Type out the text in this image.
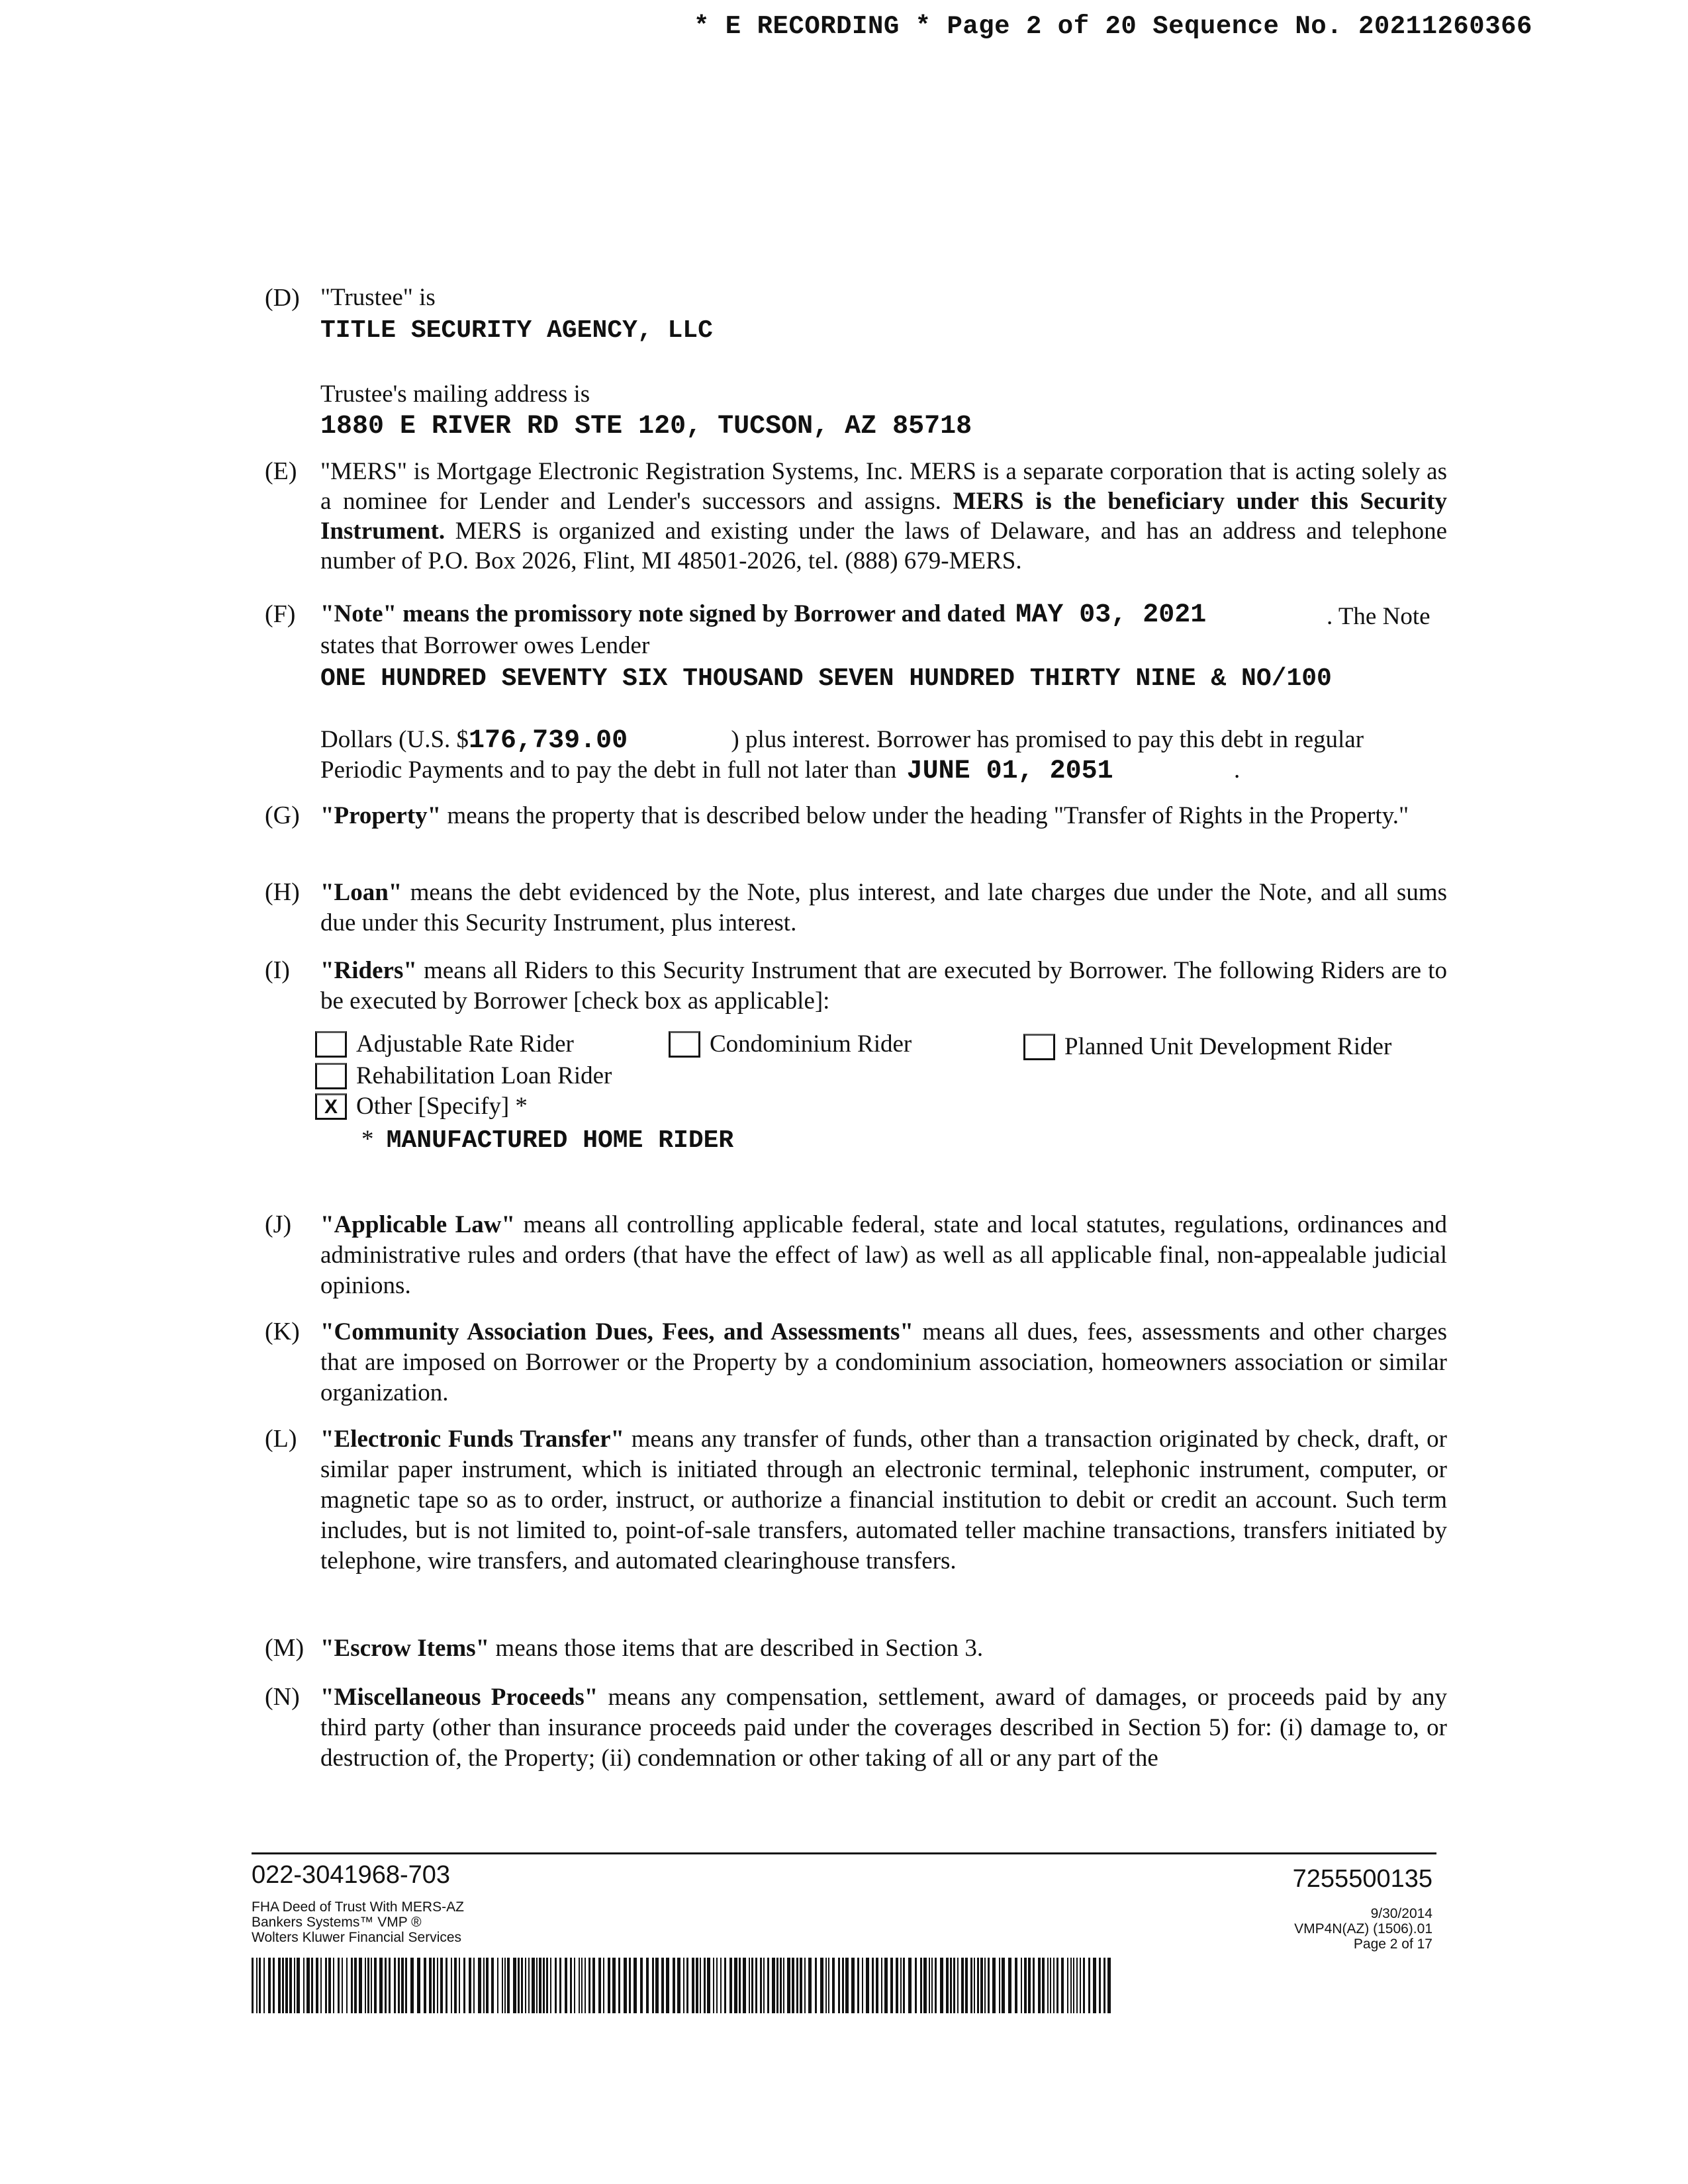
* E RECORDING * Page 2 of 20 Sequence No. 20211260366
(D) "Trustee" is
TITLE SECURITY AGENCY, LLC
Trustee's mailing address is
1880 E RIVER RD STE 120, TUCSON, AZ 85718
(E) "MERS" is Mortgage Electronic Registration Systems, Inc. MERS is a separate corporation that is acting solely as a nominee for Lender and Lender's successors and assigns. MERS is the beneficiary under this Security Instrument. MERS is organized and existing under the laws of Delaware, and has an address and telephone number of P.O. Box 2026, Flint, MI 48501-2026, tel. (888) 679-MERS.
(F) "Note" means the promissory note signed by Borrower and dated MAY 03, 2021	. The Note
states that Borrower owes Lender
ONE HUNDRED SEVENTY SIX THOUSAND SEVEN HUNDRED THIRTY NINE & NO/100
Dollars (U.S. $176,739.00	) plus interest. Borrower has promised to pay this debt in regular
Periodic Payments and to pay the debt in full not later than JUNE 01, 2051	.
(G) "Property" means the property that is described below under the heading "Transfer of Rights in the Property."
(H) "Loan" means the debt evidenced by the Note, plus interest, and late charges due under the Note, and all sums due under this Security Instrument, plus interest.
(I) "Riders" means all Riders to this Security Instrument that are executed by Borrower. The following Riders are to be executed by Borrower [check box as applicable]:
Adjustable Rate Rider	Condominium Rider	Planned Unit Development Rider
Rehabilitation Loan Rider
X Other [Specify] *
* MANUFACTURED HOME RIDER
(J) "Applicable Law" means all controlling applicable federal, state and local statutes, regulations, ordinances and administrative rules and orders (that have the effect of law) as well as all applicable final, non-appealable judicial opinions.
(K) "Community Association Dues, Fees, and Assessments" means all dues, fees, assessments and other charges that are imposed on Borrower or the Property by a condominium association, homeowners association or similar organization.
(L) "Electronic Funds Transfer" means any transfer of funds, other than a transaction originated by check, draft, or similar paper instrument, which is initiated through an electronic terminal, telephonic instrument, computer, or magnetic tape so as to order, instruct, or authorize a financial institution to debit or credit an account. Such term includes, but is not limited to, point-of-sale transfers, automated teller machine transactions, transfers initiated by telephone, wire transfers, and automated clearinghouse transfers.
(M) "Escrow Items" means those items that are described in Section 3.
(N) "Miscellaneous Proceeds" means any compensation, settlement, award of damages, or proceeds paid by any third party (other than insurance proceeds paid under the coverages described in Section 5) for: (i) damage to, or destruction of, the Property; (ii) condemnation or other taking of all or any part of the
022-3041968-703	7255500135
FHA Deed of Trust With MERS-AZ
Bankers Systems™ VMP ®
Wolters Kluwer Financial Services
9/30/2014
VMP4N(AZ) (1506).01
Page 2 of 17
